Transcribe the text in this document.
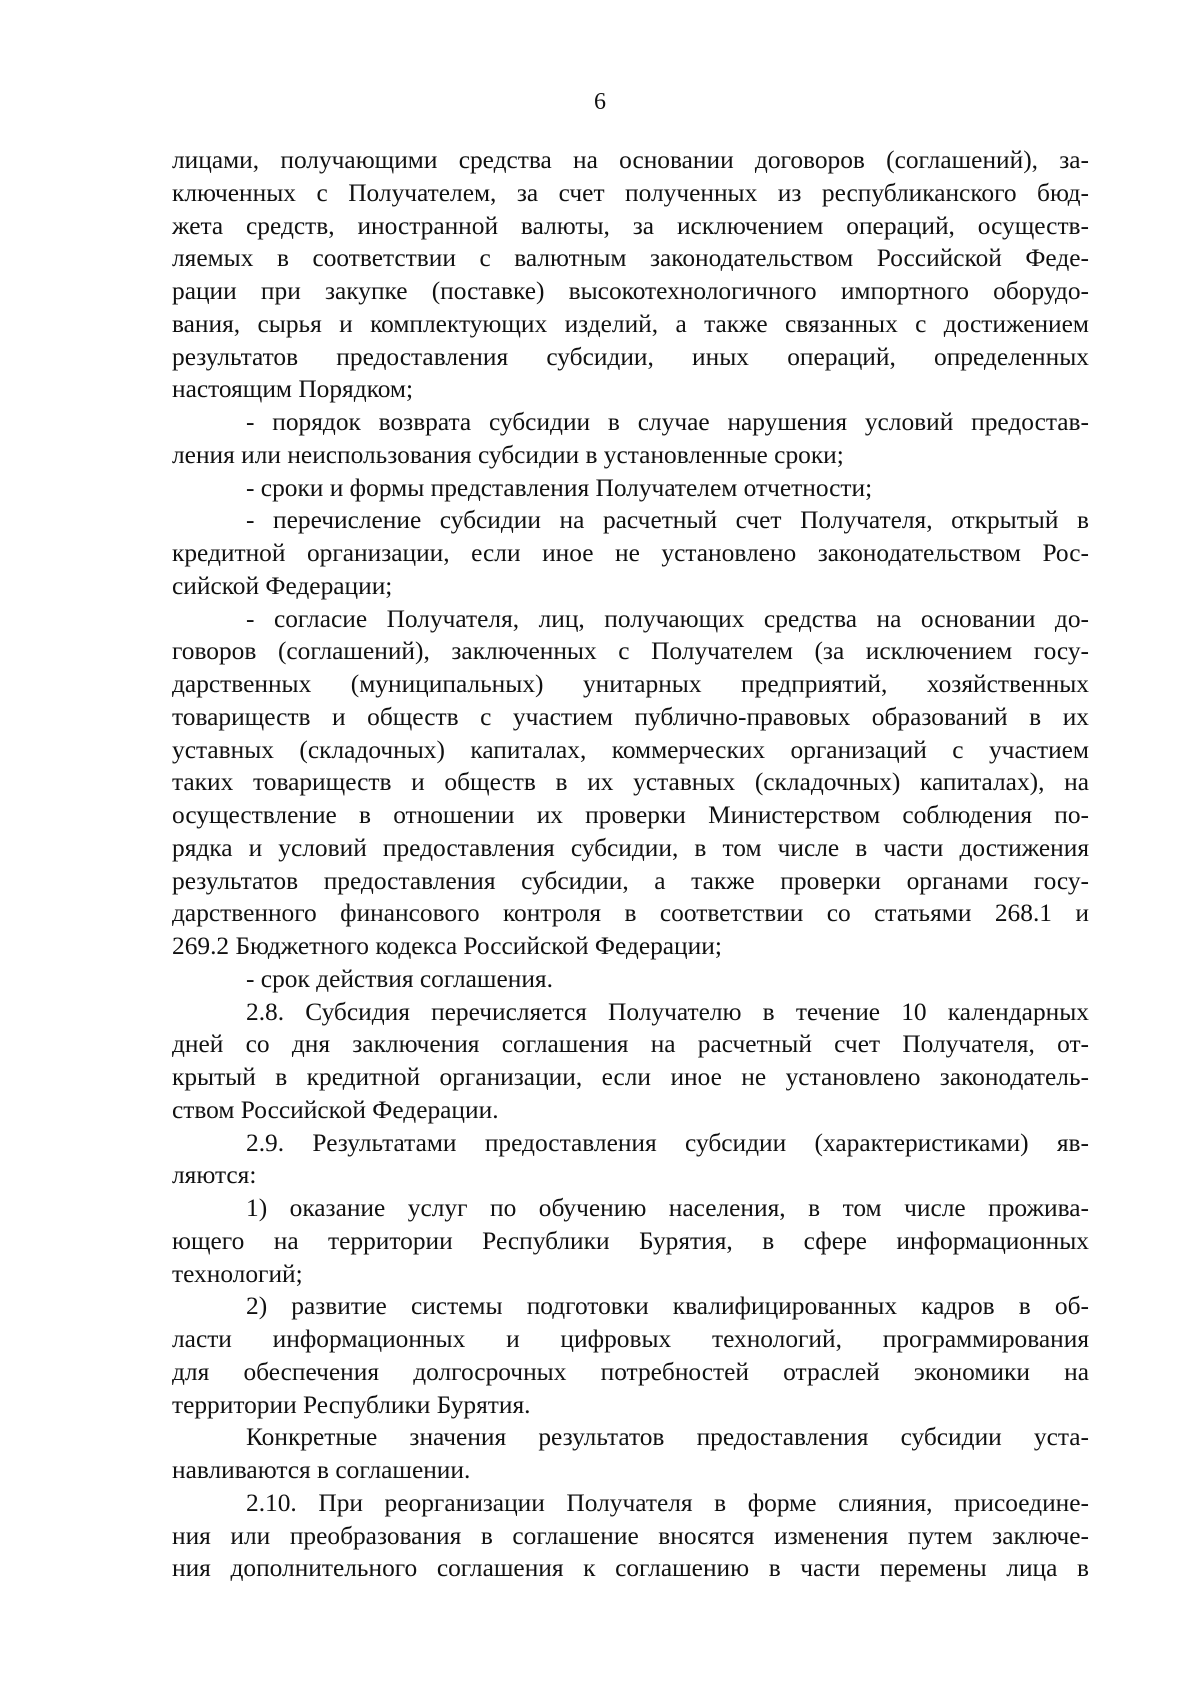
6
лицами, получающими средства на основании договоров (соглашений), за-
ключенных с Получателем, за счет полученных из республиканского бюд-
жета средств, иностранной валюты, за исключением операций, осуществ-
ляемых в соответствии с валютным законодательством Российской Феде-
рации при закупке (поставке) высокотехнологичного импортного оборудо-
вания, сырья и комплектующих изделий, а также связанных с достижением
результатов предоставления субсидии, иных операций, определенных
настоящим Порядком;
- порядок возврата субсидии в случае нарушения условий предостав-
ления или неиспользования субсидии в установленные сроки;
- сроки и формы представления Получателем отчетности;
- перечисление субсидии на расчетный счет Получателя, открытый в
кредитной организации, если иное не установлено законодательством Рос-
сийской Федерации;
- согласие Получателя, лиц, получающих средства на основании до-
говоров (соглашений), заключенных с Получателем (за исключением госу-
дарственных (муниципальных) унитарных предприятий, хозяйственных
товариществ и обществ с участием публично-правовых образований в их
уставных (складочных) капиталах, коммерческих организаций с участием
таких товариществ и обществ в их уставных (складочных) капиталах), на
осуществление в отношении их проверки Министерством соблюдения по-
рядка и условий предоставления субсидии, в том числе в части достижения
результатов предоставления субсидии, а также проверки органами госу-
дарственного финансового контроля в соответствии со статьями 268.1 и
269.2 Бюджетного кодекса Российской Федерации;
- срок действия соглашения.
2.8. Субсидия перечисляется Получателю в течение 10 календарных
дней со дня заключения соглашения на расчетный счет Получателя, от-
крытый в кредитной организации, если иное не установлено законодатель-
ством Российской Федерации.
2.9. Результатами предоставления субсидии (характеристиками) яв-
ляются:
1) оказание услуг по обучению населения, в том числе прожива-
ющего на территории Республики Бурятия, в сфере информационных
технологий;
2) развитие системы подготовки квалифицированных кадров в об-
ласти информационных и цифровых технологий, программирования
для обеспечения долгосрочных потребностей отраслей экономики на
территории Республики Бурятия.
Конкретные значения результатов предоставления субсидии уста-
навливаются в соглашении.
2.10. При реорганизации Получателя в форме слияния, присоедине-
ния или преобразования в соглашение вносятся изменения путем заключе-
ния дополнительного соглашения к соглашению в части перемены лица в
